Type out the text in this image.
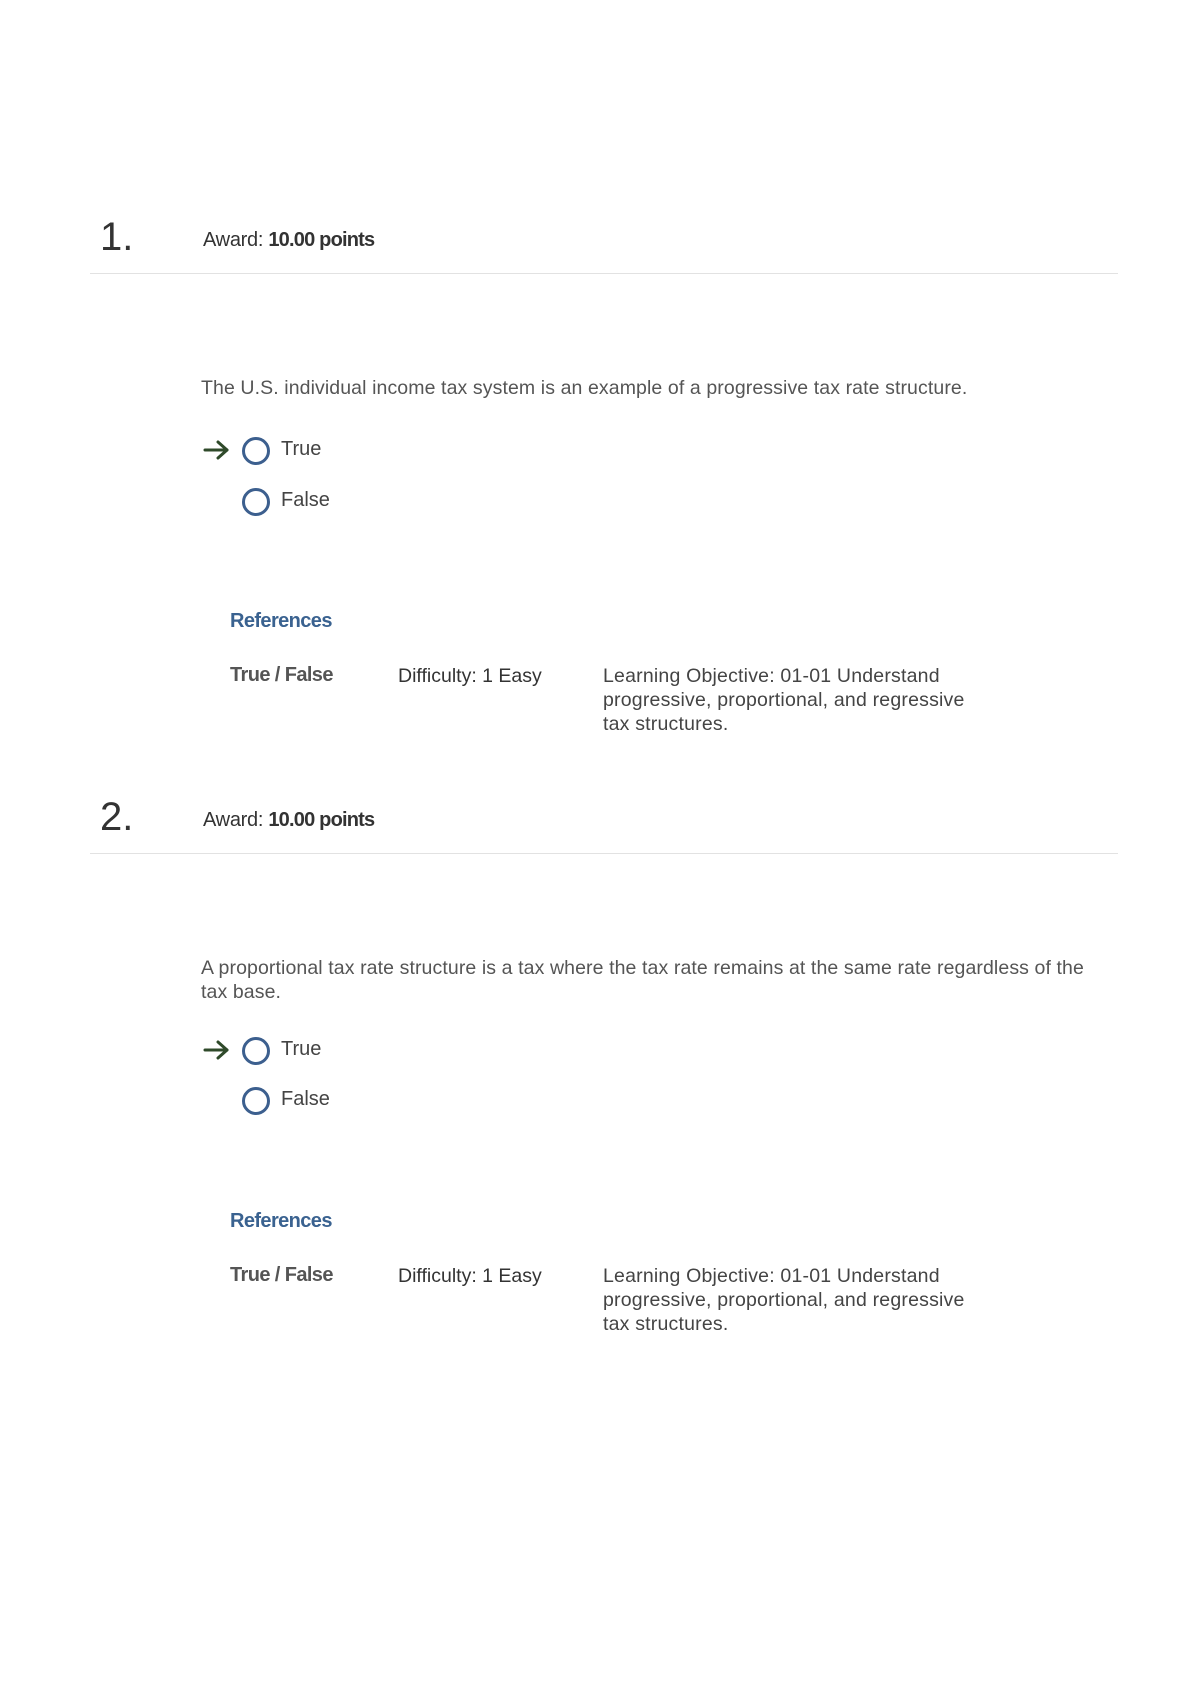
1.	Award: 10.00 points
The U.S. individual income tax system is an example of a progressive tax rate structure.
True
False
References
True / False	Difficulty: 1 Easy	Learning Objective: 01-01 Understand progressive, proportional, and regressive tax structures.
2.	Award: 10.00 points
A proportional tax rate structure is a tax where the tax rate remains at the same rate regardless of the tax base.
True
False
References
True / False	Difficulty: 1 Easy	Learning Objective: 01-01 Understand progressive, proportional, and regressive tax structures.
